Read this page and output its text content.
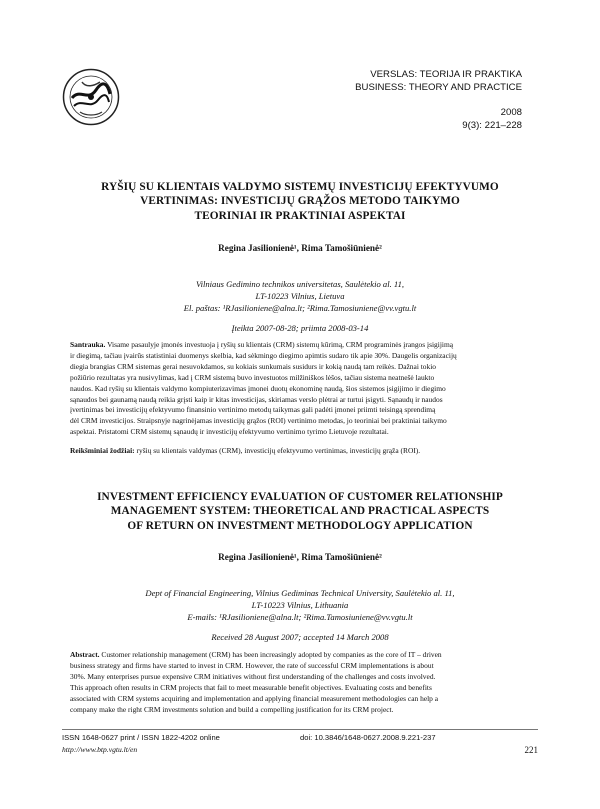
VERSLAS: TEORIJA IR PRAKTIKA
BUSINESS: THEORY AND PRACTICE
2008
9(3): 221–228
RYŠIŲ SU KLIENTAIS VALDYMO SISTEMŲ INVESTICIJŲ EFEKTYVUMO
VERTINIMAS: INVESTICIJŲ GRĄŽOS METODO TAIKYMO
TEORINIAI IR PRAKTINIAI ASPEKTAI
Regina Jasilionienė¹, Rima Tamošiūnienė²
Vilniaus Gedimino technikos universitetas, Saulėtekio al. 11,
LT-10223 Vilnius, Lietuva
El. paštas: ¹RJasilioniene@alna.lt; ²Rima.Tamosiuniene@vv.vgtu.lt
Įteikta 2007-08-28; priimta 2008-03-14
Santrauka. Visame pasaulyje įmonės investuoja į ryšių su klientais (CRM) sistemų kūrimą, CRM programinės įrangos įsigijimą
ir diegimą, tačiau įvairūs statistiniai duomenys skelbia, kad sėkmingo diegimo apimtis sudaro tik apie 30%. Daugelis organizacijų
diegia brangias CRM sistemas gerai nesuvokdamos, su kokiais sunkumais susidurs ir kokią naudą tam reikės. Dažnai tokio
požiūrio rezultatas yra nusivylimas, kad į CRM sistemą buvo investuotos milžiniškos lėšos, tačiau sistema neatnešė laukto
naudos. Kad ryšių su klientais valdymo kompiuterizavimas įmonei duotų ekonominę naudą, šios sistemos įsigijimo ir diegimo
sąnaudos bei gaunamą naudą reikia grįsti kaip ir kitas investicijas, skiriamas verslo plėtrai ar turtui įsigyti. Sąnaudų ir naudos
įvertinimas bei investicijų efektyvumo finansinio vertinimo metodų taikymas gali padėti įmonei priimti teisingą sprendimą
dėl CRM investicijos. Straipsnyje nagrinėjamas investicijų grąžos (ROI) vertinimo metodas, jo teoriniai bei praktiniai taikymo
aspektai. Pristatomi CRM sistemų sąnaudų ir investicijų efektyvumo vertinimo tyrimo Lietuvoje rezultatai.
Reikšminiai žodžiai: ryšių su klientais valdymas (CRM), investicijų efektyvumo vertinimas, investicijų grąža (ROI).
INVESTMENT EFFICIENCY EVALUATION OF CUSTOMER RELATIONSHIP
MANAGEMENT SYSTEM: THEORETICAL AND PRACTICAL ASPECTS
OF RETURN ON INVESTMENT METHODOLOGY APPLICATION
Regina Jasilionienė¹, Rima Tamošiūnienė²
Dept of Financial Engineering, Vilnius Gediminas Technical University, Saulėtekio al. 11,
LT-10223 Vilnius, Lithuania
E-mails: ¹RJasilioniene@alna.lt; ²Rima.Tamosiuniene@vv.vgtu.lt
Received 28 August 2007; accepted 14 March 2008
Abstract. Customer relationship management (CRM) has been increasingly adopted by companies as the core of IT – driven
business strategy and firms have started to invest in CRM. However, the rate of successful CRM implementations is about
30%. Many enterprises pursue expensive CRM initiatives without first understanding of the challenges and costs involved.
This approach often results in CRM projects that fail to meet measurable benefit objectives. Evaluating costs and benefits
associated with CRM systems acquiring and implementation and applying financial measurement methodologies can help a
company make the right CRM investments solution and build a compelling justification for its CRM project.
ISSN 1648-0627 print / ISSN 1822-4202 online
http://www.btp.vgtu.lt/en
doi: 10.3846/1648-0627.2008.9.221-237
221
